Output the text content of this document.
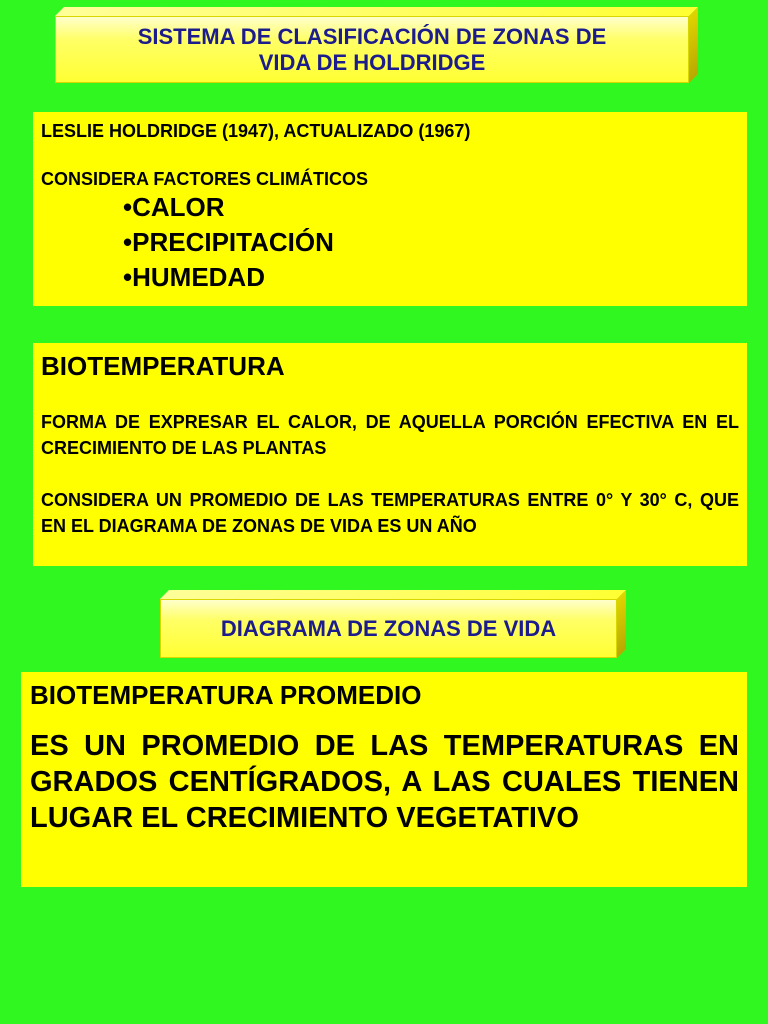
SISTEMA DE CLASIFICACIÓN DE ZONAS DE
VIDA DE HOLDRIDGE
LESLIE HOLDRIDGE (1947), ACTUALIZADO (1967)
CONSIDERA FACTORES CLIMÁTICOS
•CALOR
•PRECIPITACIÓN
•HUMEDAD
BIOTEMPERATURA

FORMA DE EXPRESAR EL CALOR, DE AQUELLA PORCIÓN EFECTIVA EN EL CRECIMIENTO DE LAS PLANTAS

CONSIDERA UN PROMEDIO DE LAS TEMPERATURAS ENTRE 0° Y 30° C, QUE EN EL DIAGRAMA DE ZONAS DE VIDA ES UN AÑO

DIAGRAMA DE ZONAS DE VIDA
BIOTEMPERATURA PROMEDIO

ES UN PROMEDIO DE LAS TEMPERATURAS EN GRADOS CENTÍGRADOS, A LAS CUALES TIENEN LUGAR EL CRECIMIENTO VEGETATIVO
